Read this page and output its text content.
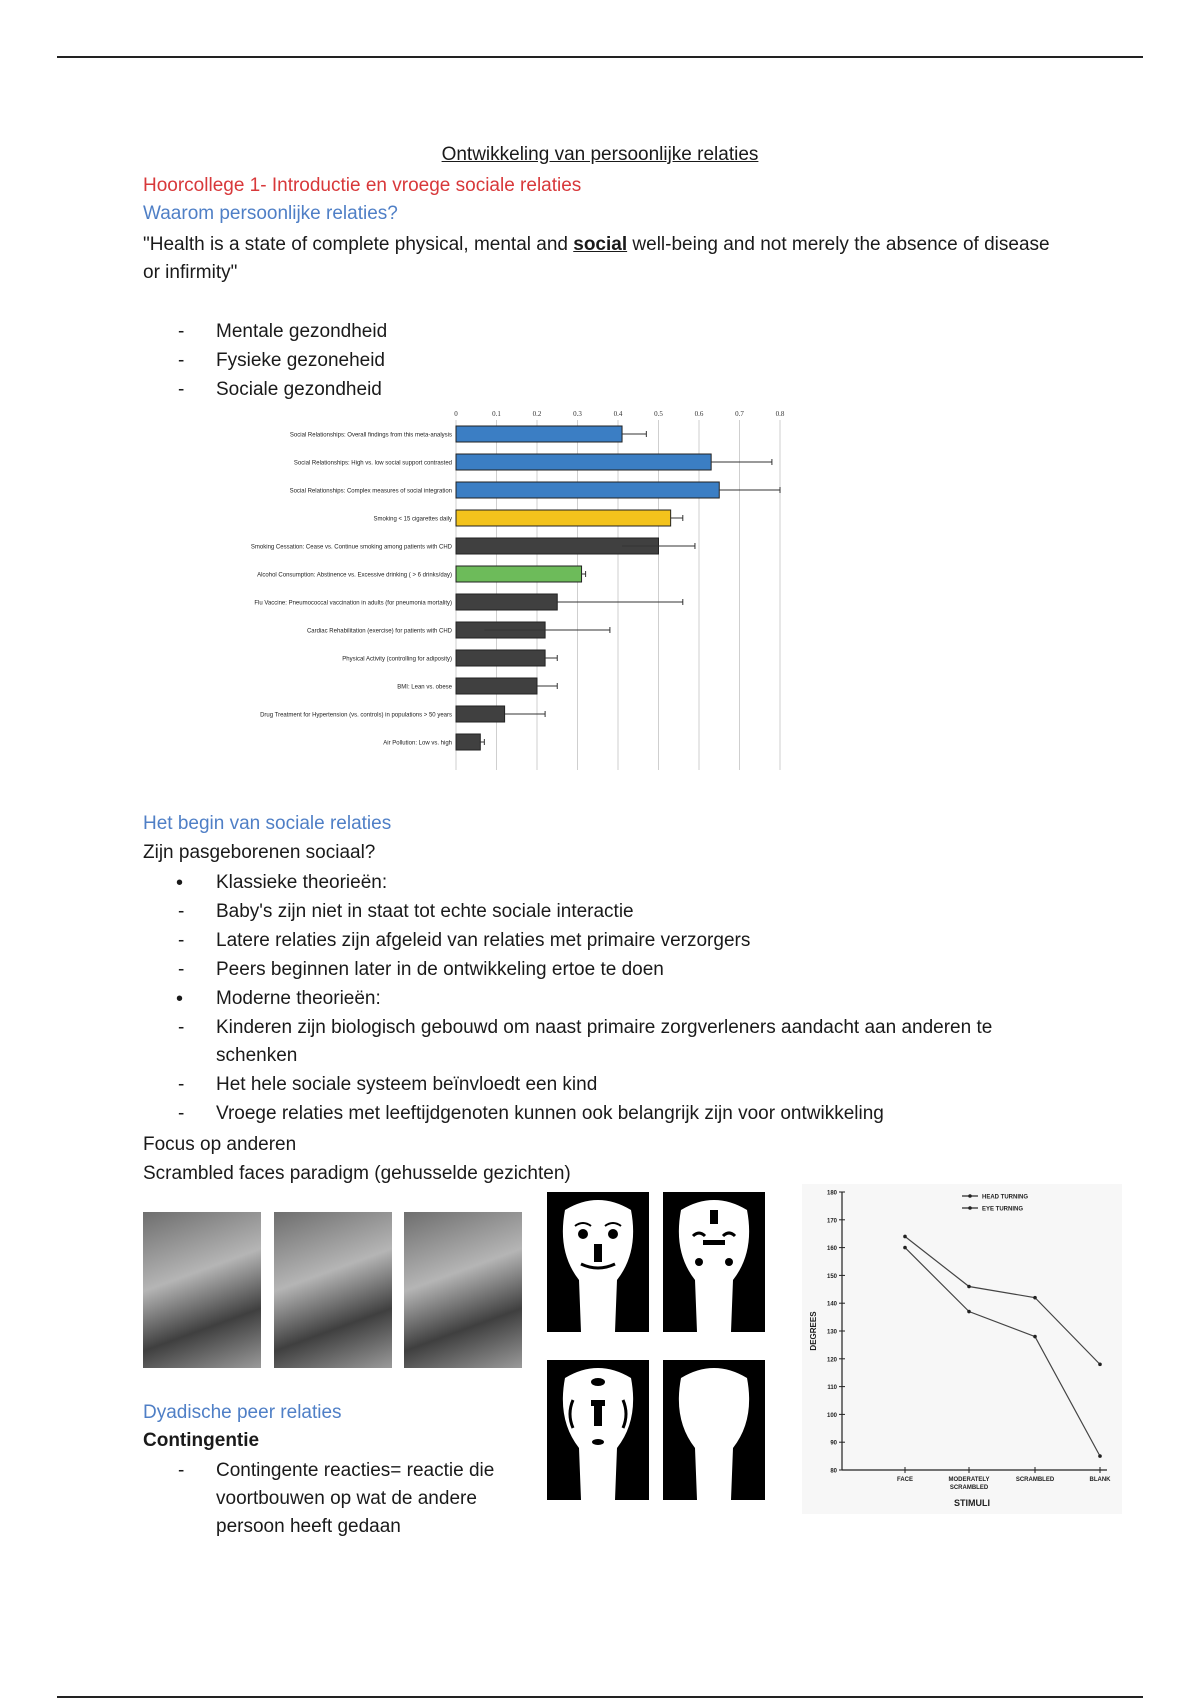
Ontwikkeling van persoonlijke relaties
Hoorcollege 1- Introductie en vroege sociale relaties
Waarom persoonlijke relaties?
"Health is a state of complete physical, mental and social well-being and not merely the absence of disease or infirmity"
- Mentale gezondheid
- Fysieke gezoneheid
- Sociale gezondheid
0	0.1	0.2	0.3	0.4	0.5	0.6	0.7	0.8
Social Relationships: Overall findings from this meta-analysis
Social Relationships: High vs. low social support contrasted
Social Relationships: Complex measures of social integration
Smoking < 15 cigarettes daily
Smoking Cessation: Cease vs. Continue smoking among patients with CHD
Alcohol Consumption: Abstinence vs. Excessive drinking ( > 6 drinks/day)
Flu Vaccine: Pneumococcal vaccination in adults (for pneumonia mortality)
Cardiac Rehabilitation (exercise) for patients with CHD
Physical Activity (controlling for adiposity)
BMI: Lean vs. obese
Drug Treatment for Hypertension (vs. controls) in populations > 50 years
Air Pollution: Low vs. high
Het begin van sociale relaties
Zijn pasgeborenen sociaal?
• Klassieke theorieën:
- Baby's zijn niet in staat tot echte sociale interactie
- Latere relaties zijn afgeleid van relaties met primaire verzorgers
- Peers beginnen later in de ontwikkeling ertoe te doen
• Moderne theorieën:
- Kinderen zijn biologisch gebouwd om naast primaire zorgverleners aandacht aan anderen te schenken
- Het hele sociale systeem beïnvloedt een kind
- Vroege relaties met leeftijdgenoten kunnen ook belangrijk zijn voor ontwikkeling
Focus op anderen
Scrambled faces paradigm (gehusselde gezichten)
180
170
160
150
140
130
120
110
100
90
80
FACE	MODERATELY SCRAMBLED
SCRAMBLED	BLANK
DEGREES
STIMULI
HEAD TURNING
EYE TURNING
Dyadische peer relaties
Contingentie
- Contingente reacties= reactie die voortbouwen op wat de andere persoon heeft gedaan
